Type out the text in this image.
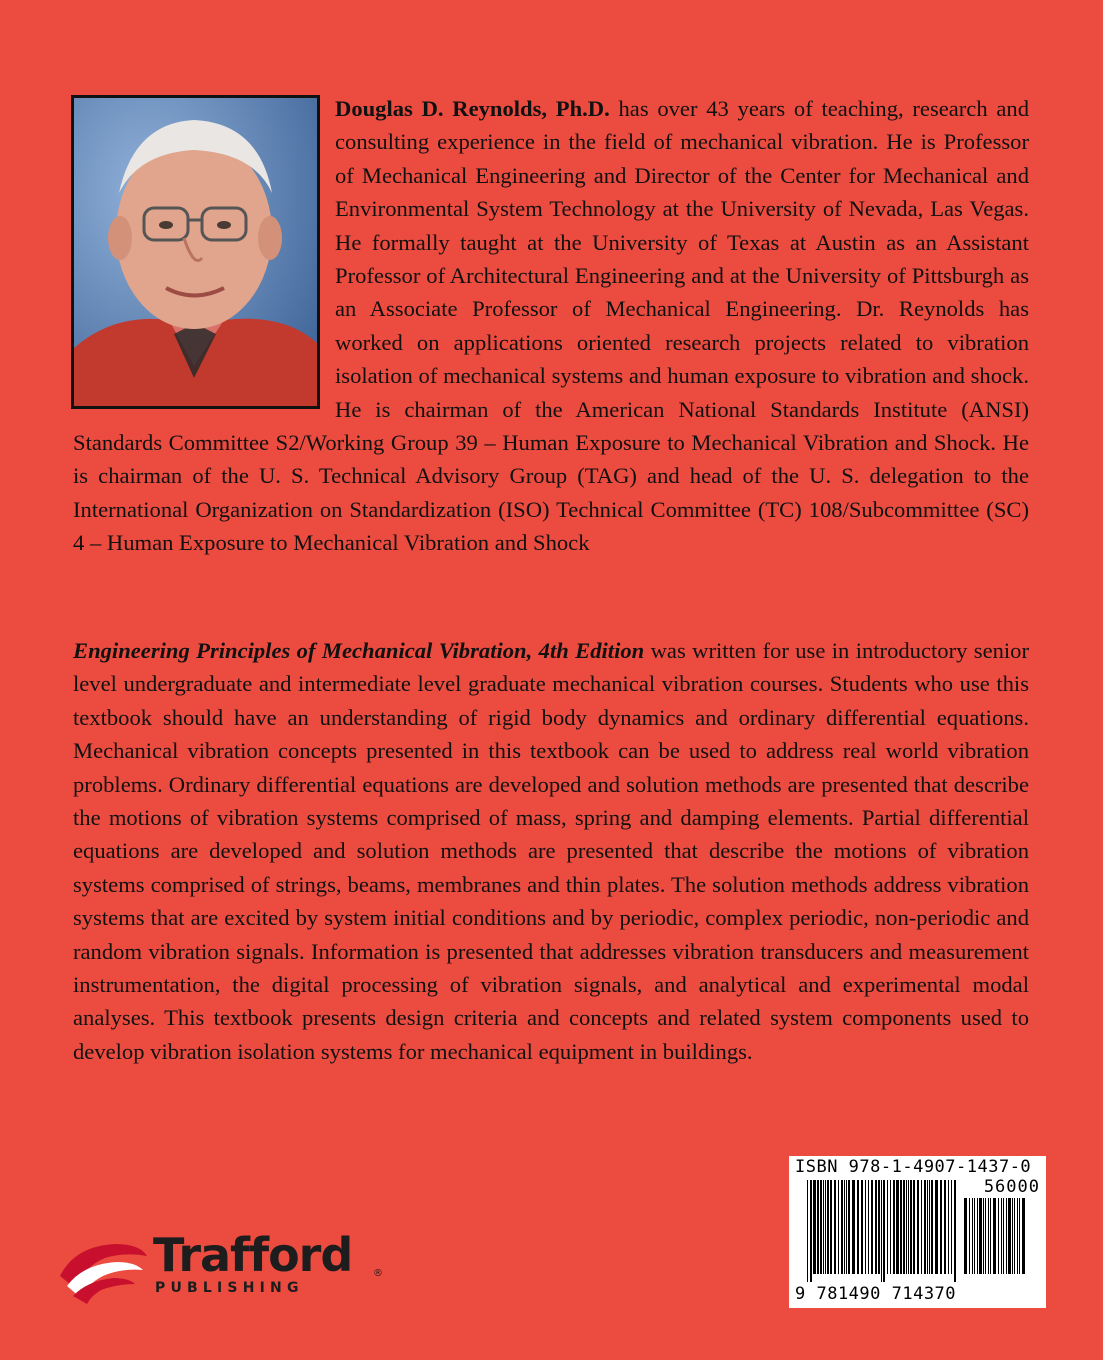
Douglas D. Reynolds, Ph.D. has over 43 years of teaching, research and consulting experience in the field of mechanical vibration. He is Professor of Mechanical Engineering and Director of the Center for Mechanical and Environmental System Technology at the University of Nevada, Las Vegas. He formally taught at the University of Texas at Austin as an Assistant Professor of Architectural Engineering and at the University of Pittsburgh as an Associate Professor of Mechanical Engineering. Dr. Reynolds has worked on applications oriented research projects related to vibration isolation of mechanical systems and human exposure to vibration and shock. He is chairman of the American National Standards Institute (ANSI) Standards Committee S2/Working Group 39 – Human Exposure to Mechanical Vibration and Shock. He is chairman of the U. S. Technical Advisory Group (TAG) and head of the U. S. delegation to the International Organization on Standardization (ISO) Technical Committee (TC) 108/Subcommittee (SC) 4 – Human Exposure to Mechanical Vibration and Shock
Engineering Principles of Mechanical Vibration, 4th Edition was written for use in introductory senior level undergraduate and intermediate level graduate mechanical vibration courses. Students who use this textbook should have an understanding of rigid body dynamics and ordinary differential equations. Mechanical vibration concepts presented in this textbook can be used to address real world vibration problems. Ordinary differential equations are developed and solution methods are presented that describe the motions of vibration systems comprised of mass, spring and damping elements. Partial differential equations are developed and solution methods are presented that describe the motions of vibration systems comprised of strings, beams, membranes and thin plates. The solution methods address vibration systems that are excited by system initial conditions and by periodic, complex periodic, non-periodic and random vibration signals. Information is presented that addresses vibration transducers and measurement instrumentation, the digital processing of vibration signals, and analytical and experimental modal analyses. This textbook presents design criteria and concepts and related system components used to develop vibration isolation systems for mechanical equipment in buildings.
ISBN 978-1-4907-1437-0
56000
9 781490 714370
Trafford ®
PUBLISHING
